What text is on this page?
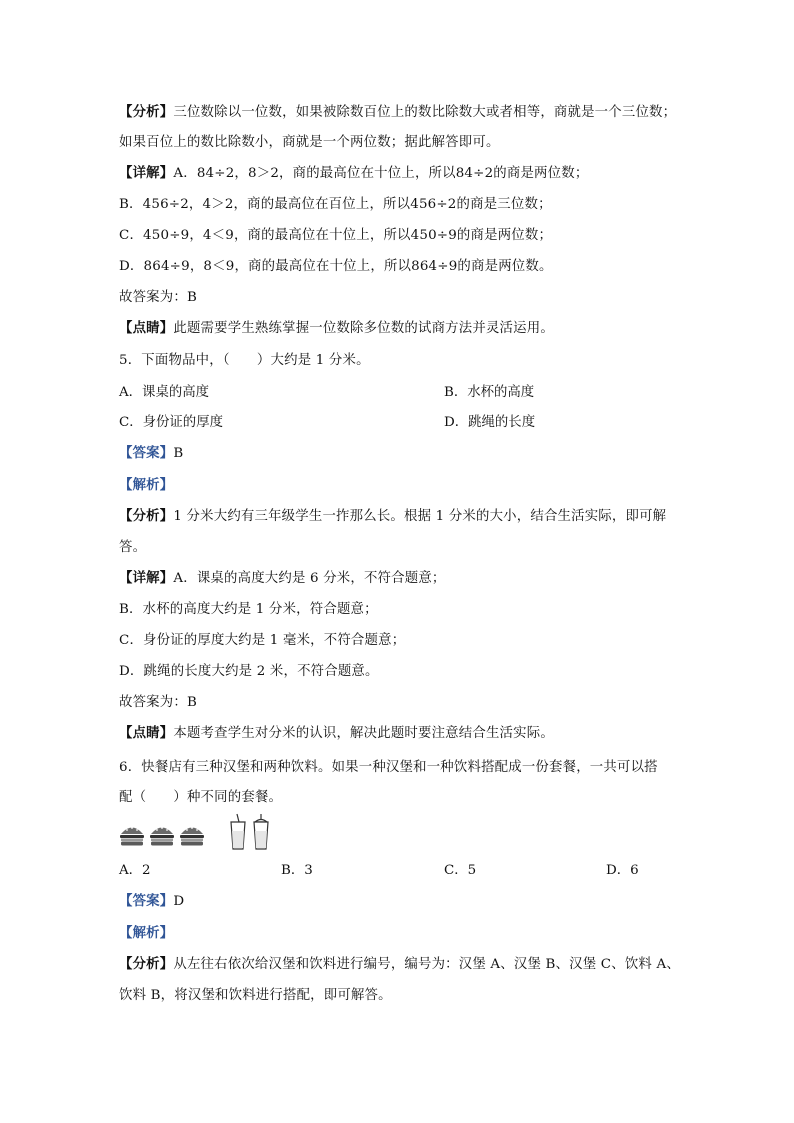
【分析】三位数除以一位数，如果被除数百位上的数比除数大或者相等，商就是一个三位数；
如果百位上的数比除数小，商就是一个两位数；据此解答即可。
【详解】A．84÷2，8＞2，商的最高位在十位上，所以84÷2的商是两位数；
B．456÷2，4＞2，商的最高位在百位上，所以456÷2的商是三位数；
C．450÷9，4＜9，商的最高位在十位上，所以450÷9的商是两位数；
D．864÷9，8＜9，商的最高位在十位上，所以864÷9的商是两位数。
故答案为：B
【点睛】此题需要学生熟练掌握一位数除多位数的试商方法并灵活运用。
5．下面物品中，（　　）大约是 1 分米。
A．课桌的高度	B．水杯的高度
C．身份证的厚度	D．跳绳的长度
【答案】B
【解析】
【分析】1 分米大约有三年级学生一拃那么长。根据 1 分米的大小，结合生活实际，即可解
答。
【详解】A．课桌的高度大约是 6 分米，不符合题意；
B．水杯的高度大约是 1 分米，符合题意；
C．身份证的厚度大约是 1 毫米，不符合题意；
D．跳绳的长度大约是 2 米，不符合题意。
故答案为：B
【点睛】本题考查学生对分米的认识，解决此题时要注意结合生活实际。
6．快餐店有三种汉堡和两种饮料。如果一种汉堡和一种饮料搭配成一份套餐，一共可以搭
配（　　）种不同的套餐。
A．2	B．3	C．5	D．6
【答案】D
【解析】
【分析】从左往右依次给汉堡和饮料进行编号，编号为：汉堡 A、汉堡 B、汉堡 C、饮料 A、
饮料 B，将汉堡和饮料进行搭配，即可解答。
